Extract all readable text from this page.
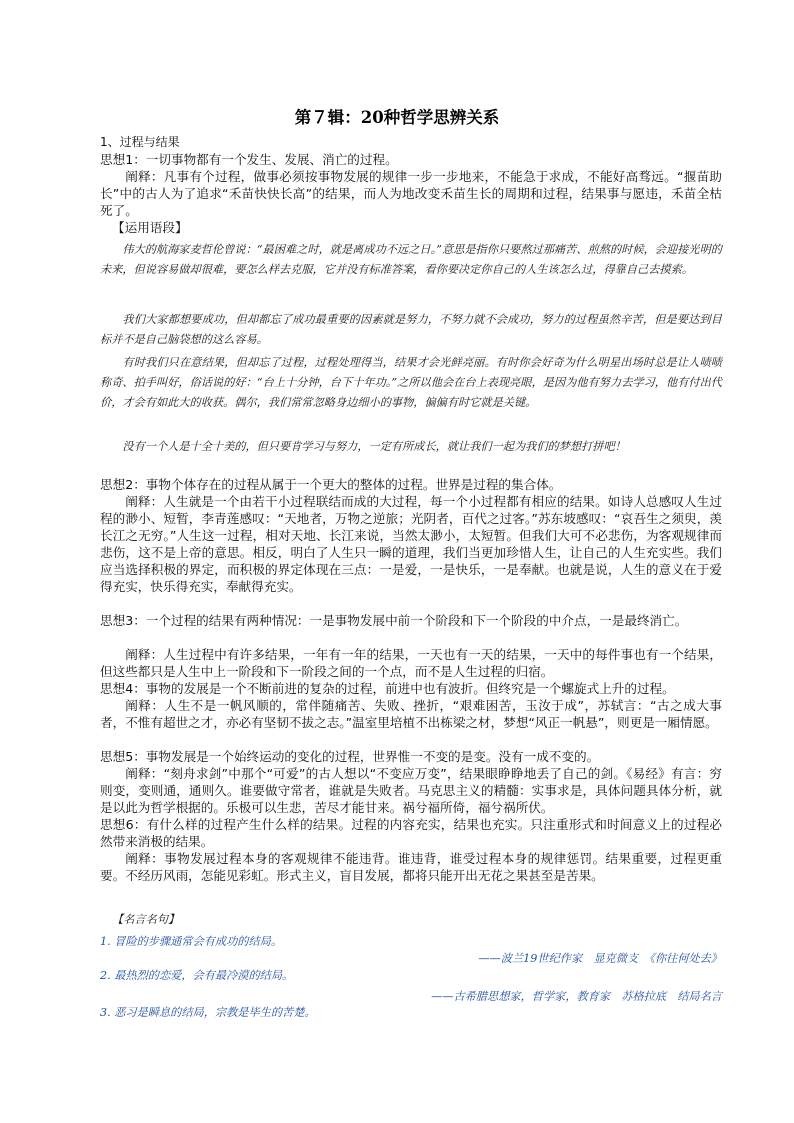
第７辑：20种哲学思辨关系
1、过程与结果
思想1：一切事物都有一个发生、发展、消亡的过程。
阐释：凡事有个过程，做事必须按事物发展的规律一步一步地来，不能急于求成，不能好高骛远。“揠苗助长”中的古人为了追求“禾苗快快长高”的结果，而人为地改变禾苗生长的周期和过程，结果事与愿违，禾苗全枯死了。
【运用语段】
伟大的航海家麦哲伦曾说：“最困难之时，就是离成功不远之日。”意思是指你只要熬过那痛苦、煎熬的时候，会迎接光明的未来，但说容易做却很难，要怎么样去克服，它并没有标准答案，看你要决定你自己的人生该怎么过，得靠自己去摸索。
我们大家都想要成功，但却都忘了成功最重要的因素就是努力，不努力就不会成功，努力的过程虽然辛苦，但是要达到目标并不是自己脑袋想的这么容易。
有时我们只在意结果，但却忘了过程，过程处理得当，结果才会光鲜亮丽。有时你会好奇为什么明星出场时总是让人啧啧称奇、拍手叫好，俗话说的好：“台上十分钟，台下十年功。”之所以他会在台上表现亮眼，是因为他有努力去学习，他有付出代价，才会有如此大的收获。偶尔，我们常常忽略身边细小的事物，偏偏有时它就是关键。
没有一个人是十全十美的，但只要肯学习与努力，一定有所成长，就让我们一起为我们的梦想打拼吧！
思想2：事物个体存在的过程从属于一个更大的整体的过程。世界是过程的集合体。
阐释：人生就是一个由若干小过程联结而成的大过程，每一个小过程都有相应的结果。如诗人总感叹人生过程的渺小、短暂，李青莲感叹：“天地者，万物之逆旅；光阴者，百代之过客。”苏东坡感叹：“哀吾生之须臾，羡长江之无穷。”人生这一过程，相对天地、长江来说，当然太渺小，太短暂。但我们大可不必悲伤，为客观规律而悲伤，这不是上帝的意思。相反，明白了人生只一瞬的道理，我们当更加珍惜人生，让自己的人生充实些。我们应当选择积极的界定，而积极的界定体现在三点：一是爱，一是快乐，一是奉献。也就是说，人生的意义在于爱得充实，快乐得充实，奉献得充实。
思想3：一个过程的结果有两种情况：一是事物发展中前一个阶段和下一个阶段的中介点，一是最终消亡。
阐释：人生过程中有许多结果，一年有一年的结果，一天也有一天的结果，一天中的每件事也有一个结果，但这些都只是人生中上一阶段和下一阶段之间的一个点，而不是人生过程的归宿。
思想4：事物的发展是一个不断前进的复杂的过程，前进中也有波折。但终究是一个螺旋式上升的过程。
阐释：人生不是一帆风顺的，常伴随痛苦、失败、挫折，“艰难困苦，玉汝于成”，苏轼言：“古之成大事者，不惟有超世之才，亦必有坚韧不拔之志。”温室里培植不出栋梁之材，梦想“风正一帆悬”，则更是一厢情愿。
思想5：事物发展是一个始终运动的变化的过程，世界惟一不变的是变。没有一成不变的。
阐释：“刻舟求剑”中那个“可爱”的古人想以“不变应万变”，结果眼睁睁地丢了自己的剑。《易经》有言：穷则变，变则通，通则久。谁要做守常者，谁就是失败者。马克思主义的精髓：实事求是，具体问题具体分析，就是以此为哲学根据的。乐极可以生悲，苦尽才能甘来。祸兮福所倚，福兮祸所伏。
思想6：有什么样的过程产生什么样的结果。过程的内容充实，结果也充实。只注重形式和时间意义上的过程必然带来消极的结果。
阐释：事物发展过程本身的客观规律不能违背。谁违背，谁受过程本身的规律惩罚。结果重要，过程更重要。不经历风雨，怎能见彩虹。形式主义，盲目发展，都将只能开出无花之果甚至是苦果。
【名言名句】
1. 冒险的步骤通常会有成功的结局。
——波兰19世纪作家　显克微支　《你往何处去》
2. 最热烈的恋爱，会有最冷漠的结局。
——古希腊思想家，哲学家，教育家　苏格拉底　结局名言
3. 恶习是瞬息的结局，宗教是毕生的苦楚。
